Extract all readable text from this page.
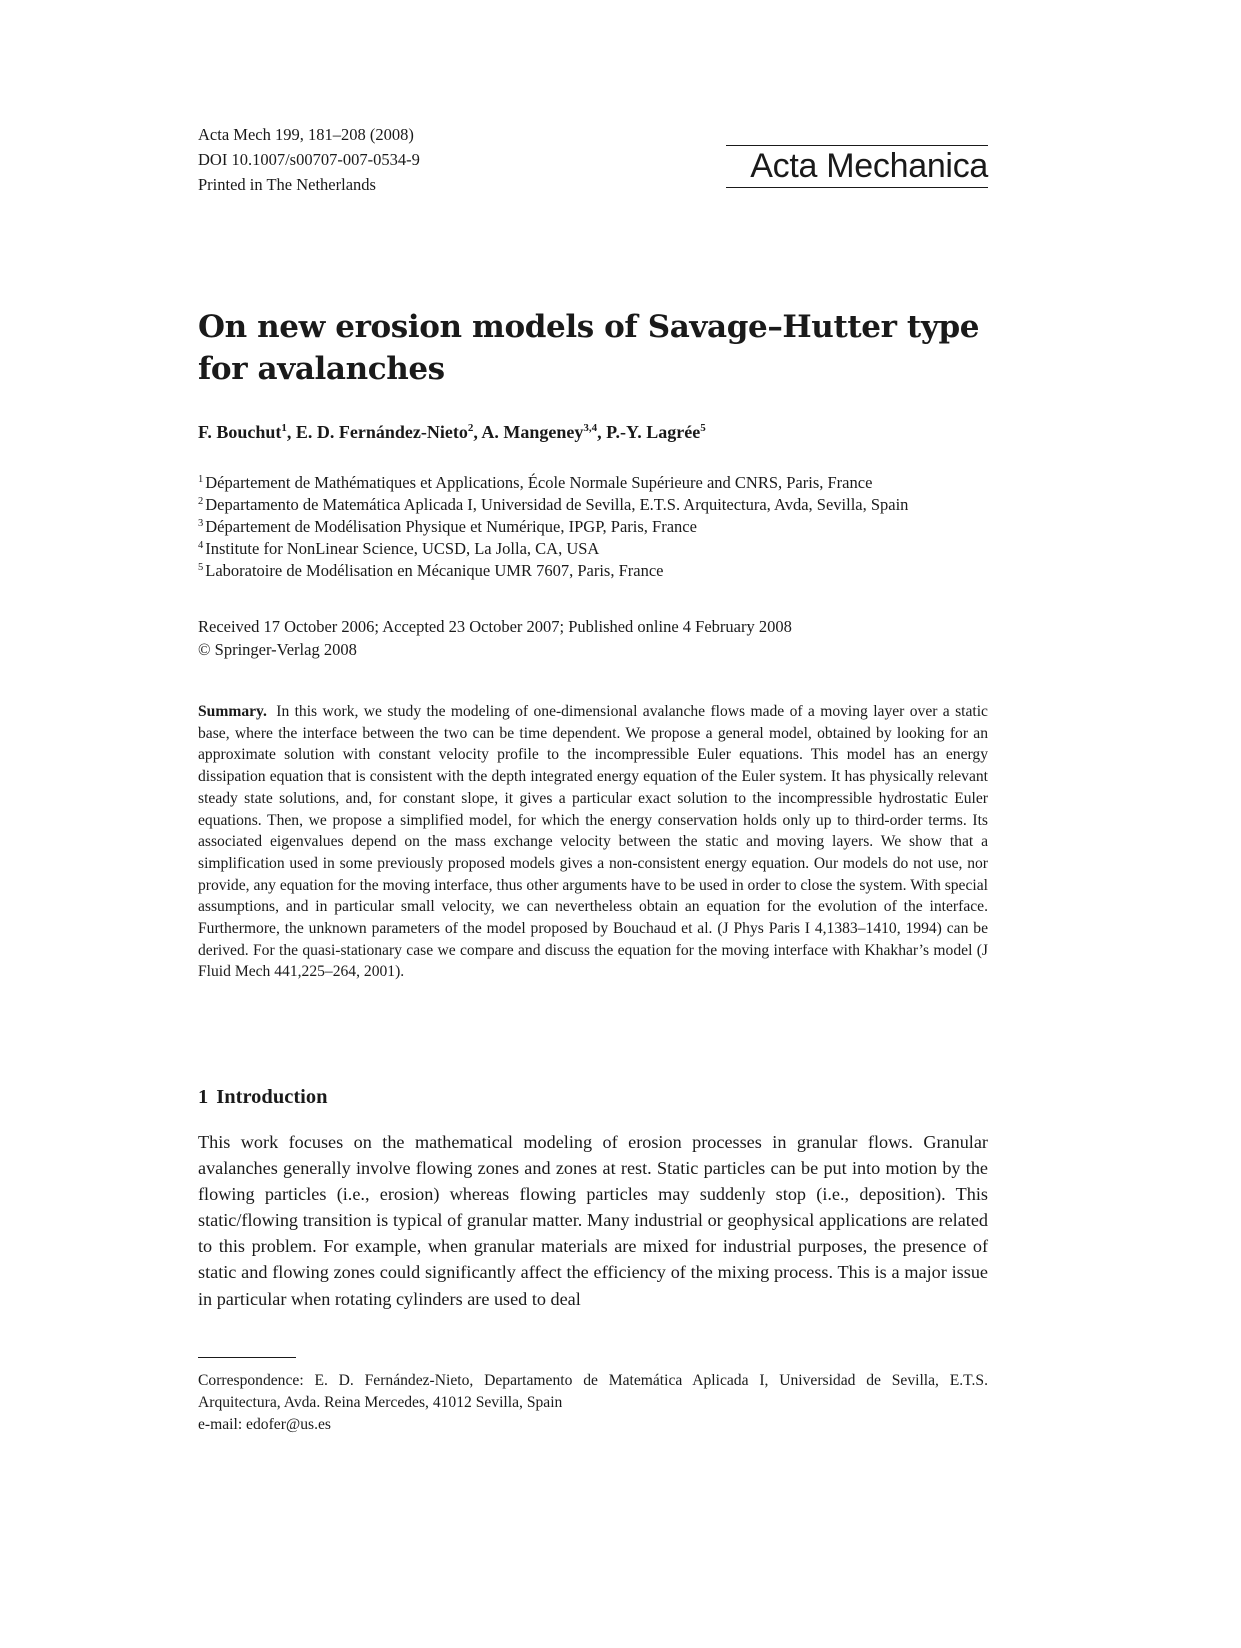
Acta Mech 199, 181–208 (2008)
DOI 10.1007/s00707-007-0534-9
Printed in The Netherlands	Acta Mechanica
On new erosion models of Savage–Hutter type for avalanches
F. Bouchut$^1$, E. D. Fernández-Nieto$^2$, A. Mangeney$^{3,4}$, P.-Y. Lagrée$^5$
$^1$ Département de Mathématiques et Applications, École Normale Supérieure and CNRS, Paris, France
$^2$ Departamento de Matemática Aplicada I, Universidad de Sevilla, E.T.S. Arquitectura, Avda, Sevilla, Spain
$^3$ Département de Modélisation Physique et Numérique, IPGP, Paris, France
$^4$ Institute for NonLinear Science, UCSD, La Jolla, CA, USA
$^5$ Laboratoire de Modélisation en Mécanique UMR 7607, Paris, France
Received 17 October 2006; Accepted 23 October 2007; Published online 4 February 2008
© Springer-Verlag 2008

Summary. In this work, we study the modeling of one-dimensional avalanche flows made of a moving layer over a static base, where the interface between the two can be time dependent. We propose a general model, obtained by looking for an approximate solution with constant velocity profile to the incompressible Euler equations. This model has an energy dissipation equation that is consistent with the depth integrated energy equation of the Euler system. It has physically relevant steady state solutions, and, for constant slope, it gives a particular exact solution to the incompressible hydrostatic Euler equations. Then, we propose a simplified model, for which the energy conservation holds only up to third-order terms. Its associated eigenvalues depend on the mass exchange velocity between the static and moving layers. We show that a simplification used in some previously proposed models gives a non-consistent energy equation. Our models do not use, nor provide, any equation for the moving interface, thus other arguments have to be used in order to close the system. With special assumptions, and in particular small velocity, we can nevertheless obtain an equation for the evolution of the interface. Furthermore, the unknown parameters of the model proposed by Bouchaud et al. (J Phys Paris I 4,1383–1410, 1994) can be derived. For the quasi-stationary case we compare and discuss the equation for the moving interface with Khakhar’s model (J Fluid Mech 441,225–264, 2001).

1 Introduction

This work focuses on the mathematical modeling of erosion processes in granular flows. Granular avalanches generally involve flowing zones and zones at rest. Static particles can be put into motion by the flowing particles (i.e., erosion) whereas flowing particles may suddenly stop (i.e., deposition). This static/flowing transition is typical of granular matter. Many industrial or geophysical applications are related to this problem. For example, when granular materials are mixed for industrial purposes, the presence of static and flowing zones could significantly affect the efficiency of the mixing process. This is a major issue in particular when rotating cylinders are used to deal

Correspondence: E. D. Fernández-Nieto, Departamento de Matemática Aplicada I, Universidad de Sevilla, E.T.S. Arquitectura, Avda. Reina Mercedes, 41012 Sevilla, Spain
e-mail: edofer@us.es
